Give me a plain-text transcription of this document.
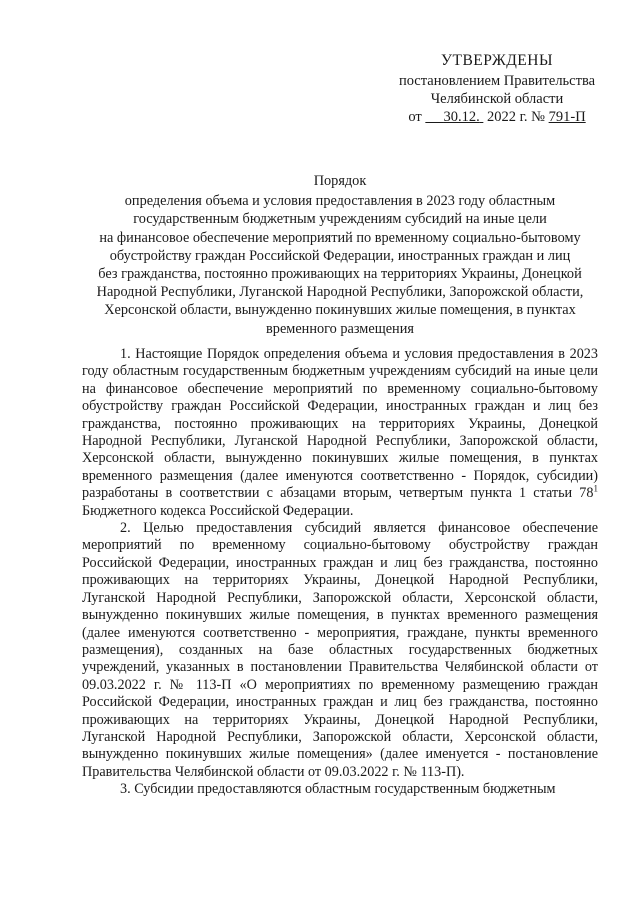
УТВЕРЖДЕНЫ
постановлением Правительства
Челябинской области
от 30.12. 2022 г. № 791-П
Порядок
определения объема и условия предоставления в 2023 году областным
государственным бюджетным учреждениям субсидий на иные цели
на финансовое обеспечение мероприятий по временному социально-бытовому
обустройству граждан Российской Федерации, иностранных граждан и лиц
без гражданства, постоянно проживающих на территориях Украины, Донецкой
Народной Республики, Луганской Народной Республики, Запорожской области,
Херсонской области, вынужденно покинувших жилые помещения, в пунктах
временного размещения

1. Настоящие Порядок определения объема и условия предоставления в 2023 году областным государственным бюджетным учреждениям субсидий на иные цели на финансовое обеспечение мероприятий по временному социально-бытовому обустройству граждан Российской Федерации, иностранных граждан и лиц без гражданства, постоянно проживающих на территориях Украины, Донецкой Народной Республики, Луганской Народной Республики, Запорожской области, Херсонской области, вынужденно покинувших жилые помещения, в пунктах временного размещения (далее именуются соответственно - Порядок, субсидии) разработаны в соответствии с абзацами вторым, четвертым пункта 1 статьи $78^1$ Бюджетного кодекса Российской Федерации.

2. Целью предоставления субсидий является финансовое обеспечение мероприятий по временному социально-бытовому обустройству граждан Российской Федерации, иностранных граждан и лиц без гражданства, постоянно проживающих на территориях Украины, Донецкой Народной Республики, Луганской Народной Республики, Запорожской области, Херсонской области, вынужденно покинувших жилые помещения, в пунктах временного размещения (далее именуются соответственно - мероприятия, граждане, пункты временного размещения), созданных на базе областных государственных бюджетных учреждений, указанных в постановлении Правительства Челябинской области от 09.03.2022 г. № 113-П «О мероприятиях по временному размещению граждан Российской Федерации, иностранных граждан и лиц без гражданства, постоянно проживающих на территориях Украины, Донецкой Народной Республики, Луганской Народной Республики, Запорожской области, Херсонской области, вынужденно покинувших жилые помещения» (далее именуется - постановление Правительства Челябинской области от 09.03.2022 г. № 113-П).

3. Субсидии предоставляются областным государственным бюджетным
